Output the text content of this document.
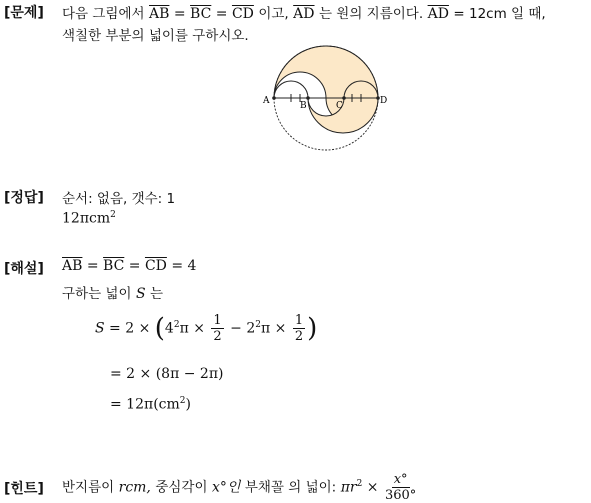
[문제] 다음 그림에서 $\overline{AB} = \overline{BC} = \overline{CD}$ 이고, $\overline{AD}$ 는 원의 지름이다. $\overline{AD} = 12cm$ 일 때,
색칠한 부분의 넓이를 구하시오.
A	B	C	D
[정답] 순서: 없음, 갯수: 1
12πcm$^2$
[해설] $\overline{AB} = \overline{BC} = \overline{CD} = 4$
구하는 넓이 S 는
$S = 2 \times (4^2\pi \times \frac{1}{2} - 2^2\pi \times \frac{1}{2}$ )
= 2 × (8π − 2π)
= $12\pi(cm^2)$
[힌트] 반지름이 rcm, 중심각이 x°인 부채꼴 의 넓이: $\pi r^2 \times \frac{x^\circ}{360^\circ}$
